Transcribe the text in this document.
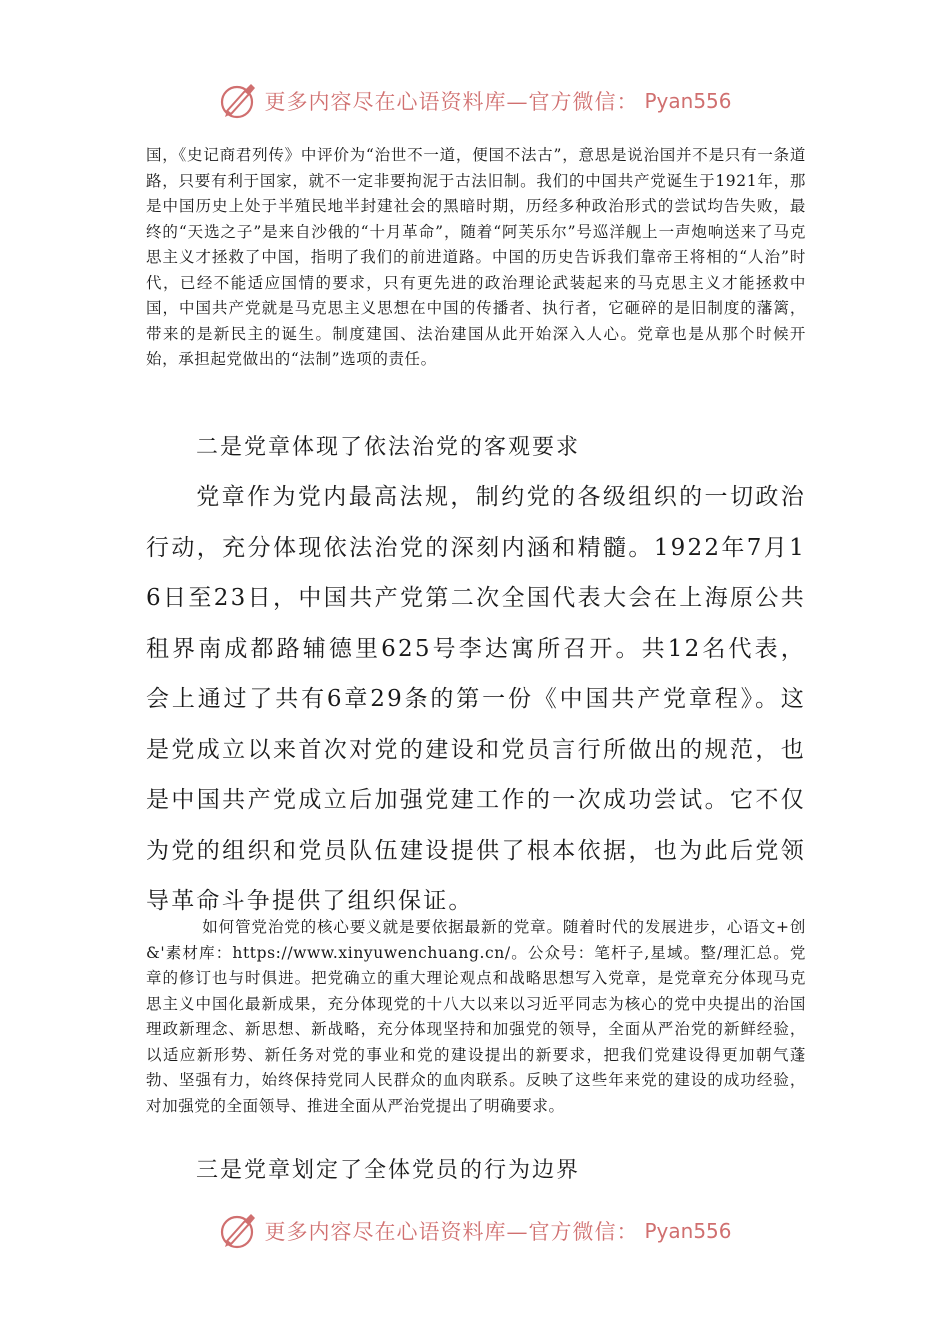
更多内容尽在心语资料库—官方微信： Pyan556
国，《史记商君列传》中评价为“治世不一道，便国不法古”，意思是说治国并不是只有一条道路，只要有利于国家，就不一定非要拘泥于古法旧制。我们的中国共产党诞生于1921年，那是中国历史上处于半殖民地半封建社会的黑暗时期，历经多种政治形式的尝试均告失败，最终的“天选之子”是来自沙俄的“十月革命”，随着“阿芙乐尔”号巡洋舰上一声炮响送来了马克思主义才拯救了中国，指明了我们的前进道路。中国的历史告诉我们靠帝王将相的“人治”时代，已经不能适应国情的要求，只有更先进的政治理论武装起来的马克思主义才能拯救中国，中国共产党就是马克思主义思想在中国的传播者、执行者，它砸碎的是旧制度的藩篱，带来的是新民主的诞生。制度建国、法治建国从此开始深入人心。党章也是从那个时候开始，承担起党做出的“法制”选项的责任。
二是党章体现了依法治党的客观要求
党章作为党内最高法规，制约党的各级组织的一切政治行动，充分体现依法治党的深刻内涵和精髓。1922年7月16日至23日，中国共产党第二次全国代表大会在上海原公共租界南成都路辅德里625号李达寓所召开。共12名代表，会上通过了共有6章29条的第一份《中国共产党章程》。这是党成立以来首次对党的建设和党员言行所做出的规范，也是中国共产党成立后加强党建工作的一次成功尝试。它不仅为党的组织和党员队伍建设提供了根本依据，也为此后党领导革命斗争提供了组织保证。
如何管党治党的核心要义就是要依据最新的党章。随着时代的发展进步，心语文+创&'素材库：https://www.xinyuwenchuang.cn/。公众号：笔杆子,星域。整/理汇总。党章的修订也与时俱进。把党确立的重大理论观点和战略思想写入党章，是党章充分体现马克思主义中国化最新成果，充分体现党的十八大以来以习近平同志为核心的党中央提出的治国理政新理念、新思想、新战略，充分体现坚持和加强党的领导，全面从严治党的新鲜经验，以适应新形势、新任务对党的事业和党的建设提出的新要求，把我们党建设得更加朝气蓬勃、坚强有力，始终保持党同人民群众的血肉联系。反映了这些年来党的建设的成功经验，对加强党的全面领导、推进全面从严治党提出了明确要求。
三是党章划定了全体党员的行为边界
更多内容尽在心语资料库—官方微信： Pyan556
